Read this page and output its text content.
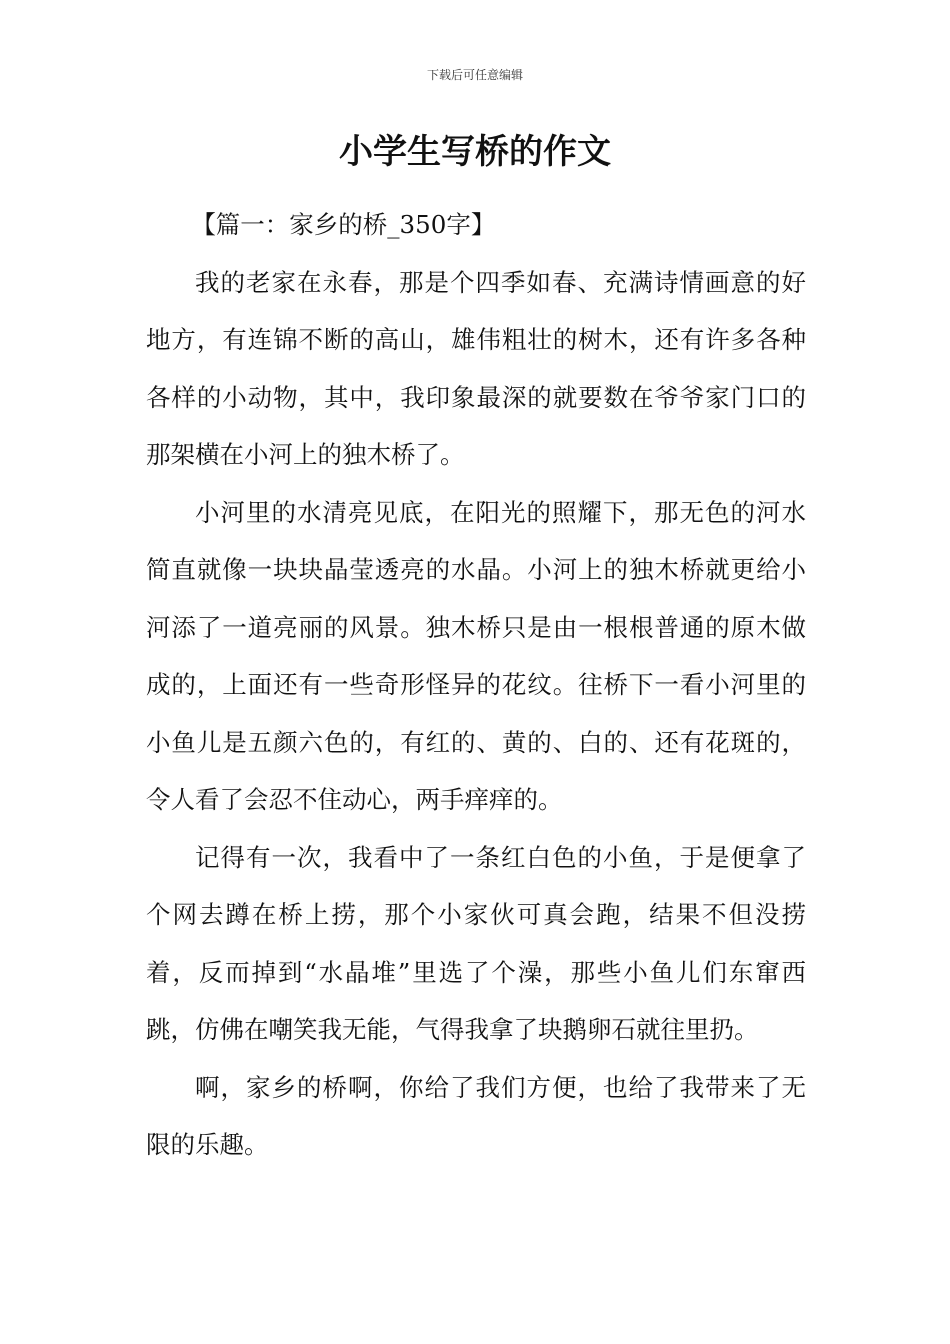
下载后可任意编辑
小学生写桥的作文

【篇一：家乡的桥_350字】

我的老家在永春，那是个四季如春、充满诗情画意的好地方，有连锦不断的高山，雄伟粗壮的树木，还有许多各种各样的小动物，其中，我印象最深的就要数在爷爷家门口的那架横在小河上的独木桥了。

小河里的水清亮见底，在阳光的照耀下，那无色的河水简直就像一块块晶莹透亮的水晶。小河上的独木桥就更给小河添了一道亮丽的风景。独木桥只是由一根根普通的原木做成的，上面还有一些奇形怪异的花纹。往桥下一看小河里的小鱼儿是五颜六色的，有红的、黄的、白的、还有花斑的，令人看了会忍不住动心，两手痒痒的。

记得有一次，我看中了一条红白色的小鱼，于是便拿了个网去蹲在桥上捞，那个小家伙可真会跑，结果不但没捞着，反而掉到“水晶堆”里选了个澡，那些小鱼儿们东窜西跳，仿佛在嘲笑我无能，气得我拿了块鹅卵石就往里扔。

啊，家乡的桥啊，你给了我们方便，也给了我带来了无限的乐趣。
